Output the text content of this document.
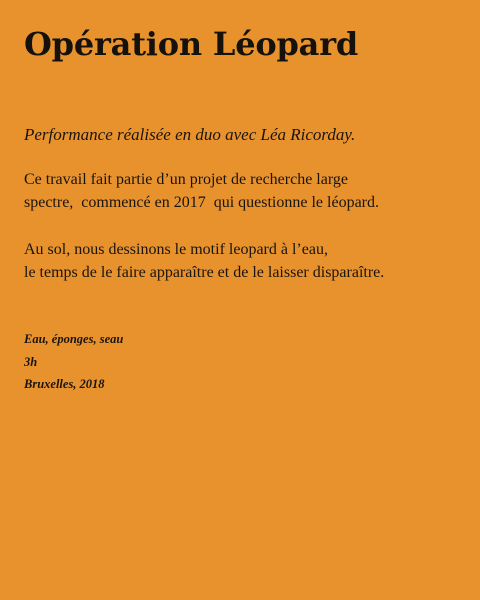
Opération Léopard

Performance réalisée en duo avec Léa Ricorday.

Ce travail fait partie d’un projet de recherche large
spectre,  commencé en 2017  qui questionne le léopard.

Au sol, nous dessinons le motif leopard à l’eau,
le temps de le faire apparaître et de le laisser disparaître.

Eau, éponges, seau
3h
Bruxelles, 2018
